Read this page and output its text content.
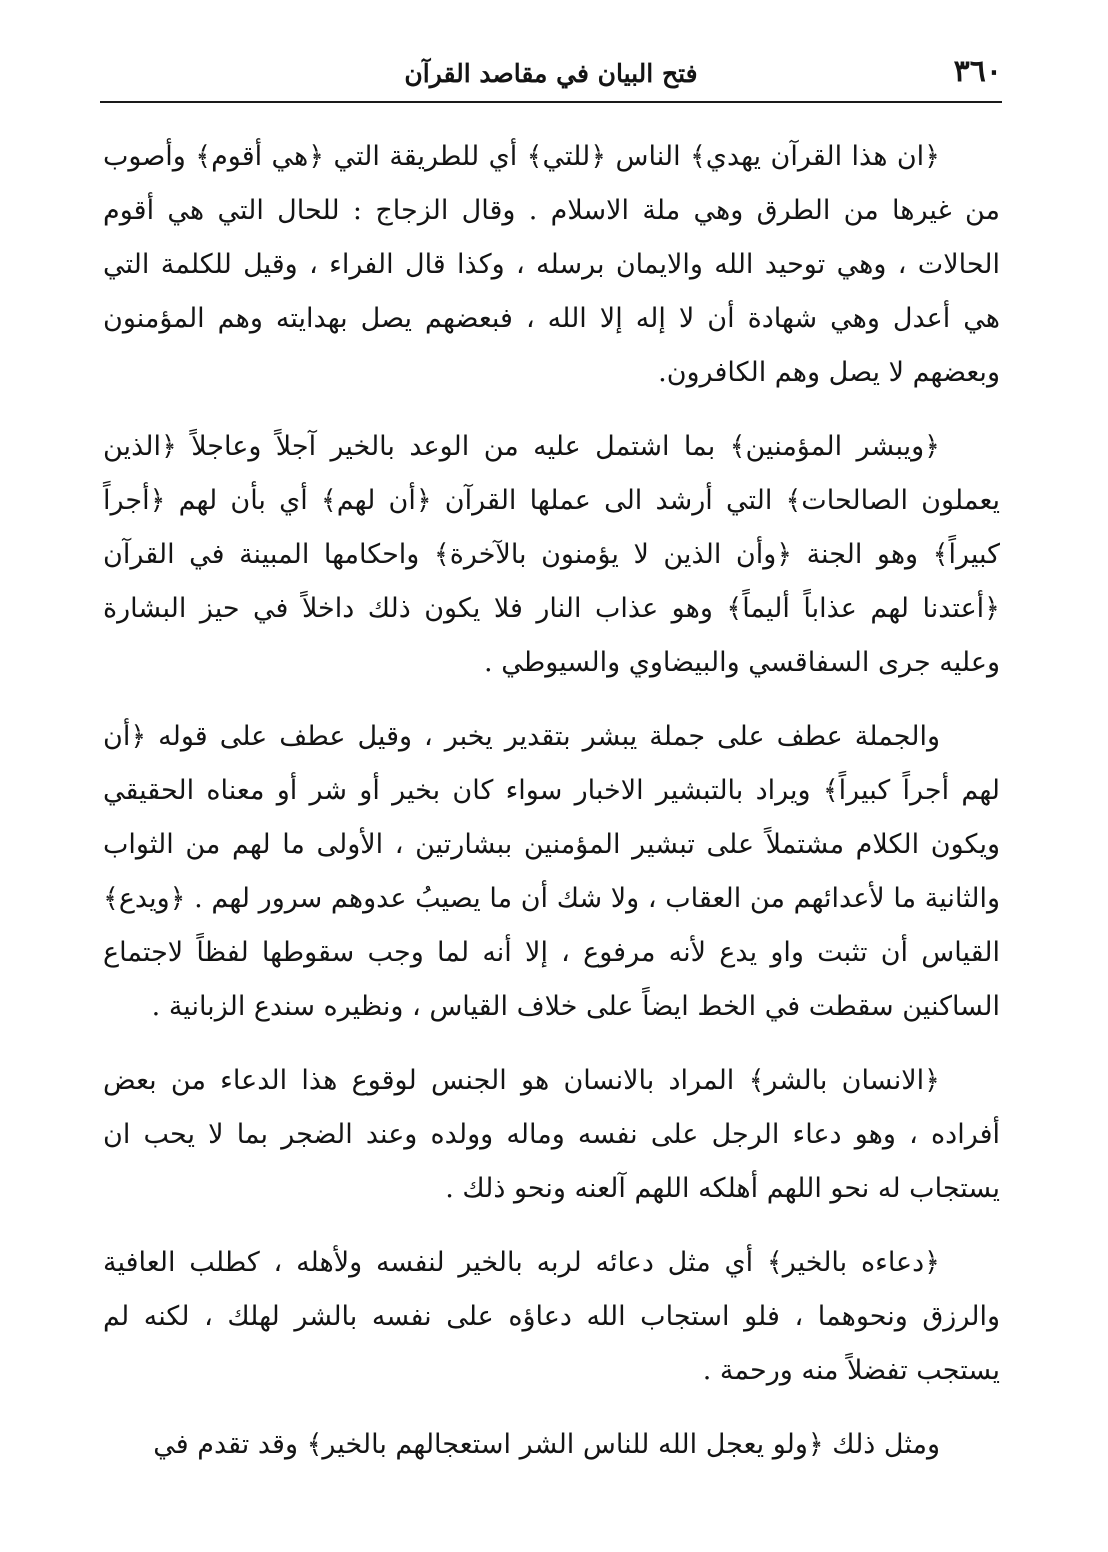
٣٦٠
فتح البيان في مقاصد القرآن

﴿ان هذا القرآن يهدي﴾ الناس ﴿للتي﴾ أي للطريقة التي ﴿هي أقوم﴾ وأصوب من غيرها من الطرق وهي ملة الاسلام . وقال الزجاج : للحال التي هي أقوم الحالات ، وهي توحيد الله والايمان برسله ، وكذا قال الفراء ، وقيل للكلمة التي هي أعدل وهي شهادة أن لا إله إلا الله ، فبعضهم يصل بهدايته وهم المؤمنون وبعضهم لا يصل وهم الكافرون.

﴿ويبشر المؤمنين﴾ بما اشتمل عليه من الوعد بالخير آجلاً وعاجلاً ﴿الذين يعملون الصالحات﴾ التي أرشد الى عملها القرآن ﴿أن لهم﴾ أي بأن لهم ﴿أجراً كبيراً﴾ وهو الجنة ﴿وأن الذين لا يؤمنون بالآخرة﴾ واحكامها المبينة في القرآن ﴿أعتدنا لهم عذاباً أليماً﴾ وهو عذاب النار فلا يكون ذلك داخلاً في حيز البشارة وعليه جرى السفاقسي والبيضاوي والسيوطي .

والجملة عطف على جملة يبشر بتقدير يخبر ، وقيل عطف على قوله ﴿أن لهم أجراً كبيراً﴾ ويراد بالتبشير الاخبار سواء كان بخير أو شر أو معناه الحقيقي ويكون الكلام مشتملاً على تبشير المؤمنين ببشارتين ، الأولى ما لهم من الثواب والثانية ما لأعدائهم من العقاب ، ولا شك أن ما يصيبُ عدوهم سرور لهم . ﴿ويدع﴾ القياس أن تثبت واو يدع لأنه مرفوع ، إلا أنه لما وجب سقوطها لفظاً لاجتماع الساكنين سقطت في الخط ايضاً على خلاف القياس ، ونظيره سندع الزبانية .

﴿الانسان بالشر﴾ المراد بالانسان هو الجنس لوقوع هذا الدعاء من بعض أفراده ، وهو دعاء الرجل على نفسه وماله وولده وعند الضجر بما لا يحب ان يستجاب له نحو اللهم أهلكه اللهم آلعنه ونحو ذلك .

﴿دعاءه بالخير﴾ أي مثل دعائه لربه بالخير لنفسه ولأهله ، كطلب العافية والرزق ونحوهما ، فلو استجاب الله دعاؤه على نفسه بالشر لهلك ، لكنه لم يستجب تفضلاً منه ورحمة .

ومثل ذلك ﴿ولو يعجل الله للناس الشر استعجالهم بالخير﴾ وقد تقدم في
